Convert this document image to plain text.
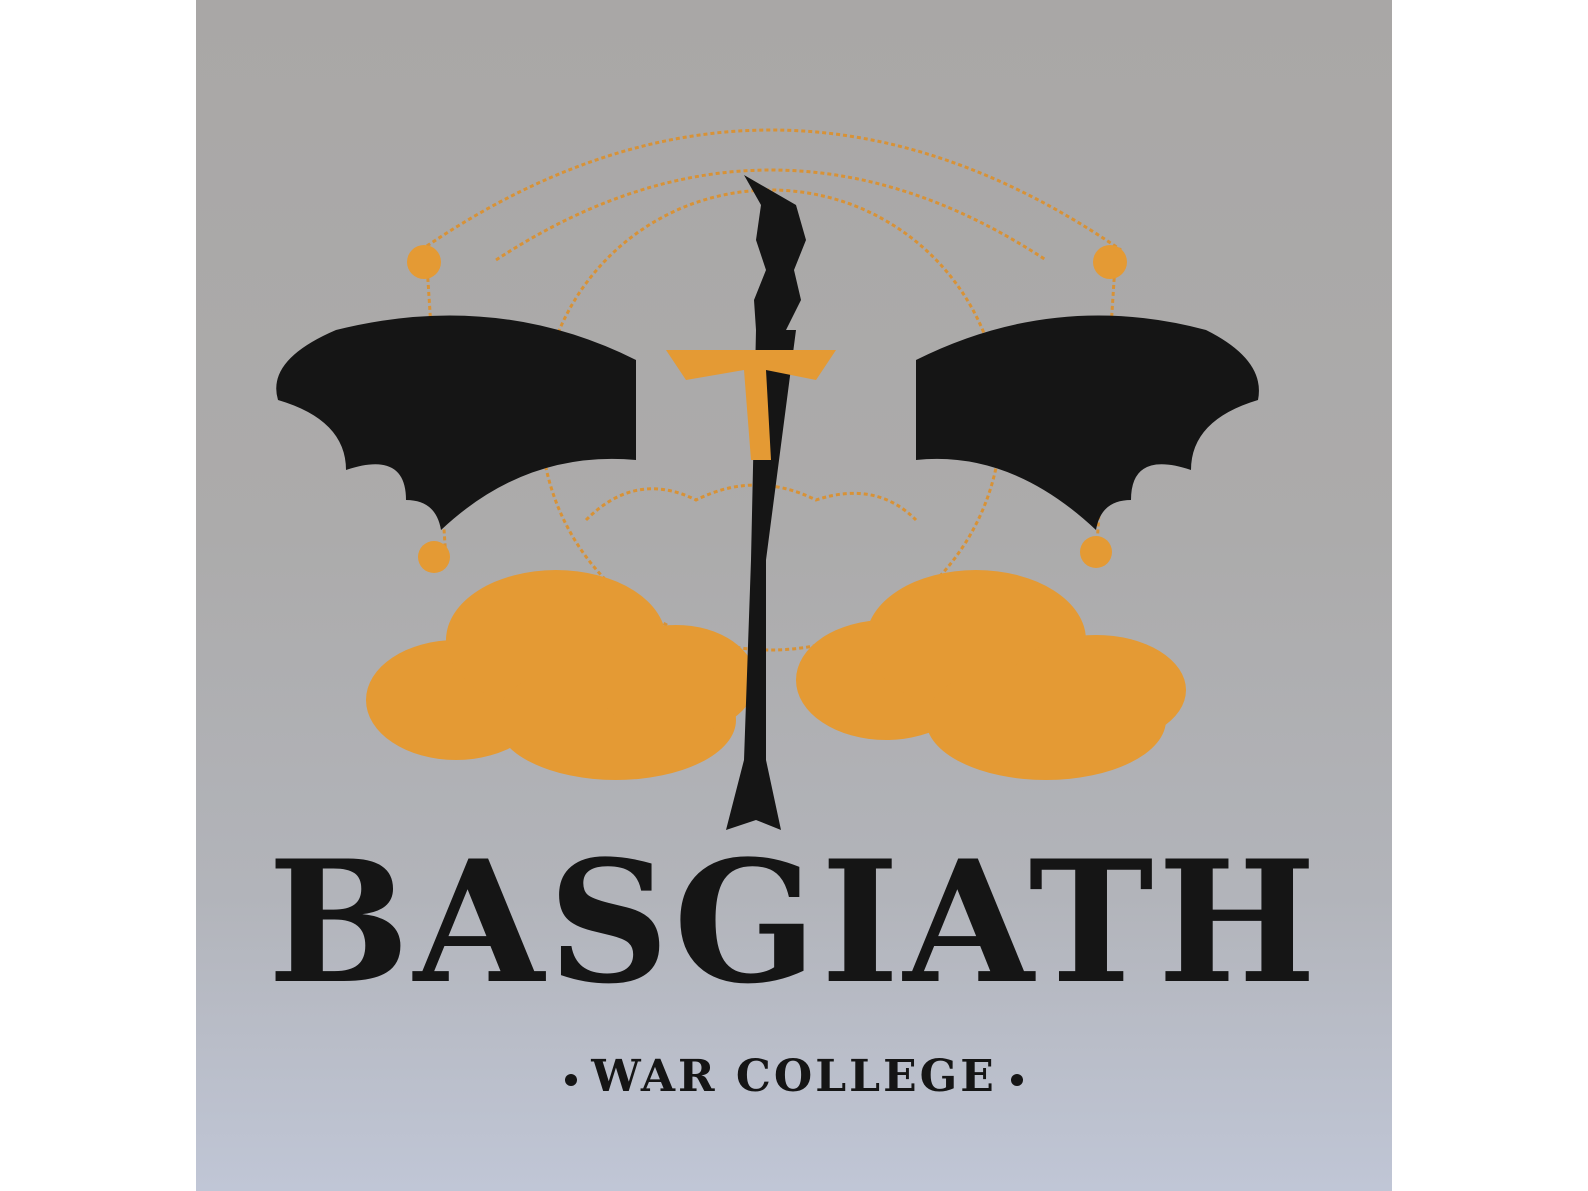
BASGIATH
WAR COLLEGE
